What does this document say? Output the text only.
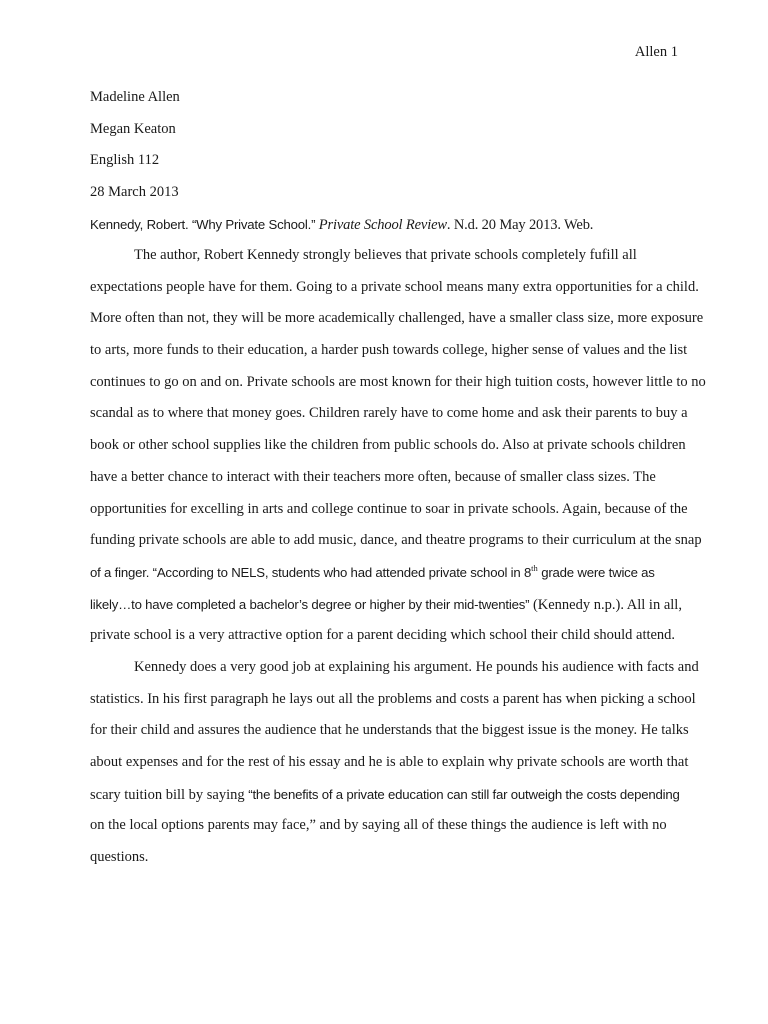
Allen 1
Madeline Allen
Megan Keaton
English 112
28 March 2013
Kennedy, Robert. “Why Private School.” Private School Review. N.d. 20 May 2013. Web.
The author, Robert Kennedy strongly believes that private schools completely fufill all
expectations people have for them. Going to a private school means many extra opportunities for a child.
More often than not, they will be more academically challenged, have a smaller class size, more exposure
to arts, more funds to their education, a harder push towards college, higher sense of values and the list
continues to go on and on. Private schools are most known for their high tuition costs, however little to no
scandal as to where that money goes. Children rarely have to come home and ask their parents to buy a
book or other school supplies like the children from public schools do. Also at private schools children
have a better chance to interact with their teachers more often, because of smaller class sizes. The
opportunities for excelling in arts and college continue to soar in private schools. Again, because of the
funding private schools are able to add music, dance, and theatre programs to their curriculum at the snap
of a finger. “According to NELS, students who had attended private school in 8th grade were twice as
likely…to have completed a bachelor’s degree or higher by their mid-twenties” (Kennedy n.p.). All in all,
private school is a very attractive option for a parent deciding which school their child should attend.
Kennedy does a very good job at explaining his argument. He pounds his audience with facts and
statistics. In his first paragraph he lays out all the problems and costs a parent has when picking a school
for their child and assures the audience that he understands that the biggest issue is the money. He talks
about expenses and for the rest of his essay and he is able to explain why private schools are worth that
scary tuition bill by saying “the benefits of a private education can still far outweigh the costs depending
on the local options parents may face,” and by saying all of these things the audience is left with no
questions.
